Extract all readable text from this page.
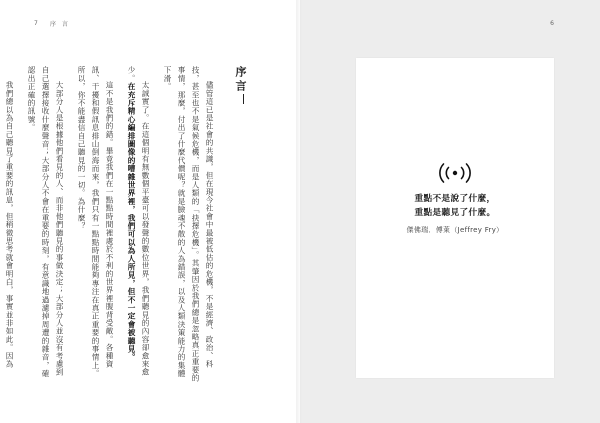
7 序 言
序言

儘管這已是社會的共識，但在現今社會中最被低估的危機，不是經濟、政治、科技，甚至也不是氣候危機，而是人類的「抉擇危機」。其肇因於我們總是忽略真正重要的事情，那麼，付出了什麼代價呢？就是臉魂不散的人為錯誤，以及人類決策能力的集體下滑。

太誠實了。在這個明有無數個平臺可以發聲的數位世界，我們聽見的內容卻愈來愈少。在充斥精心編排圖像的嘈雜世界裡，我們可以為人所見，但不一定會被聽見。

這不是我們的錯。畢竟我們在一點點時間裡處於不利的世界裡腹背受敵。各種資訊、干擾和假訊息排山倒海而來，我們只有一點點時間能夠專注在真正重要的事情上。所以，你不能盡信自己聽見的一切。為什麼？

大部分人是根據他們看見的人、而非他們聽見的事做決定；大部分人並沒有考慮到自己選擇接收什麼聲音；大部分人不會在重要的時刻，有意識地過濾掉周遭的雜音，確認出正確的訊號。

我們總以為自己聽見了重要的訊息，但稍微思考就會明白，事實並非如此。因為

6
重點不是說了什麼，
重點是聽見了什麼。
傑佛瑞．傅萊（Jeffrey Fry）
